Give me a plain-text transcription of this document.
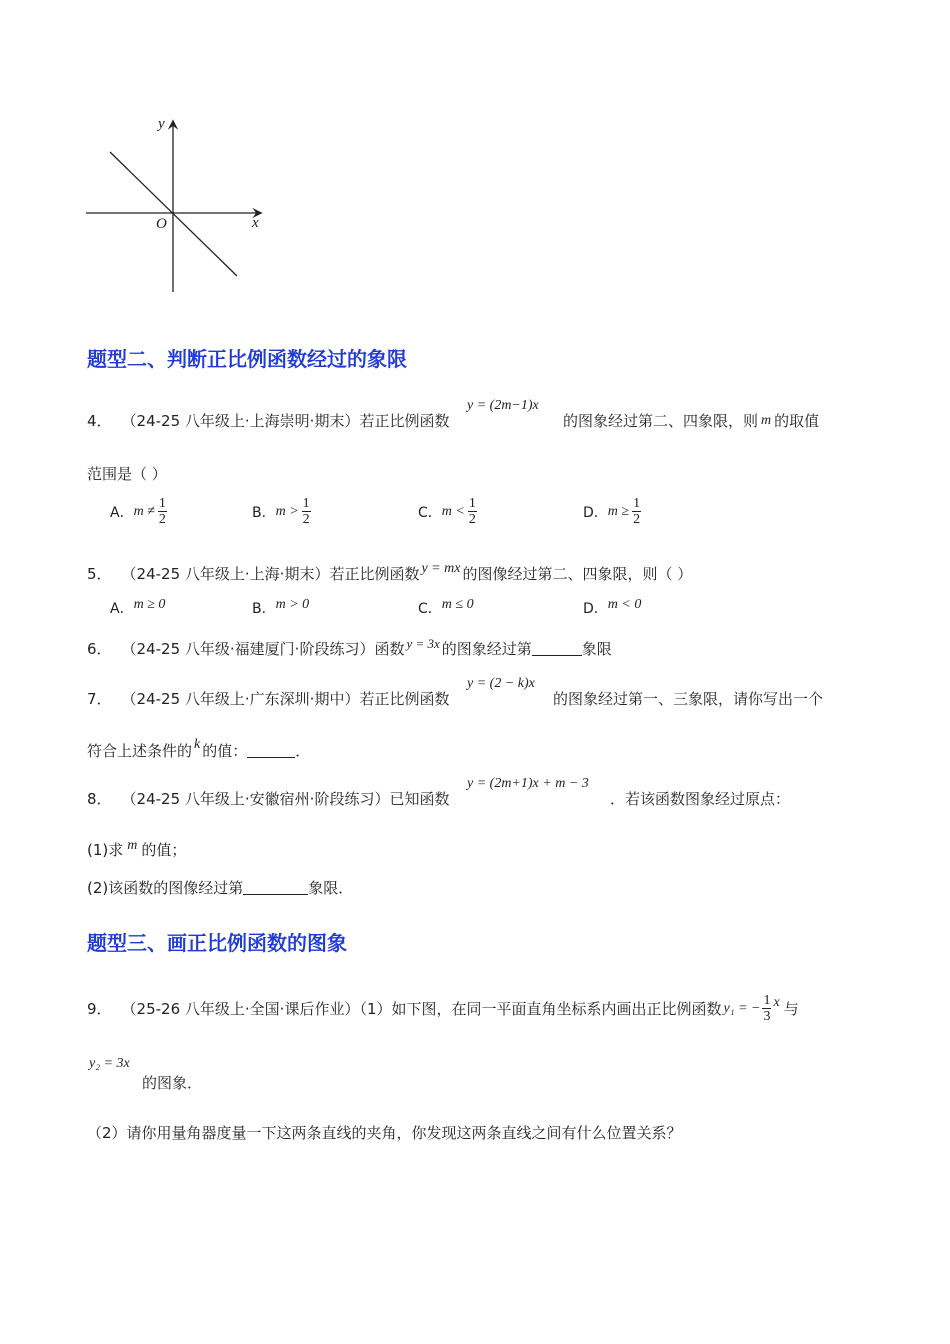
y
x
O
题型二、判断正比例函数经过的象限
4． （24-25 八年级上·上海崇明·期末）若正比例函数
y = (2m−1)x
的图象经过第二、四象限，则 m 的取值
范围是（ ）
A． $m \ne \frac{1}{2}$	B． $m > \frac{1}{2}$	C． $m < \frac{1}{2}$	D． $m \ge \frac{1}{2}$
5． （24-25 八年级上·上海·期末）若正比例函数 y = mx 的图像经过第二、四象限，则（ ）
A． m ≥ 0	B． m > 0	C． m ≤ 0	D． m < 0
6． （24-25 八年级·福建厦门·阶段练习）函数 y = 3x 的图象经过第	象限
7． （24-25 八年级上·广东深圳·期中）若正比例函数
y = (2 − k)x
的图象经过第一、三象限，请你写出一个
符合上述条件的 k 的值：	．
8． （24-25 八年级上·安徽宿州·阶段练习）已知函数
y = (2m+1)x + m − 3
．若该函数图象经过原点：
(1)求 m 的值；
(2)该函数的图像经过第	象限．
题型三、画正比例函数的图象
9． （25-26 八年级上·全国·课后作业）（1）如下图，在同一平面直角坐标系内画出正比例函数 y₁ = − $\frac{1}{3}$ x 与
y₂ = 3x
的图象．
（2）请你用量角器度量一下这两条直线的夹角，你发现这两条直线之间有什么位置关系？
